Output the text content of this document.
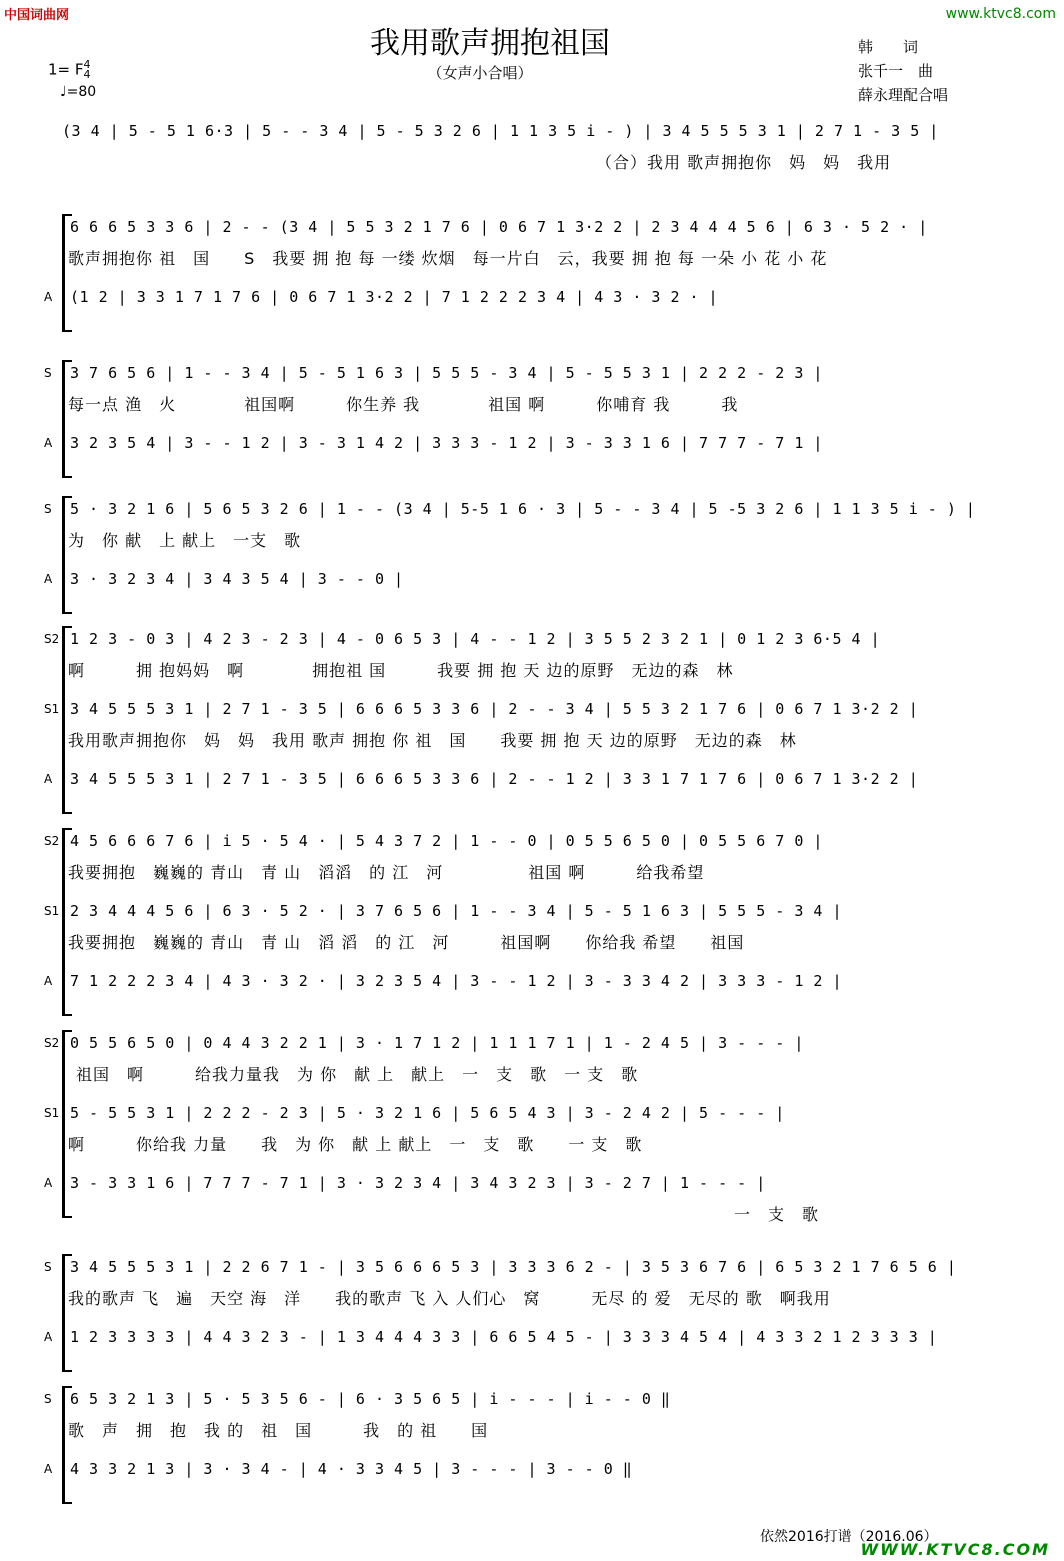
中国词曲网	www.ktvc8.com
我用歌声拥抱祖国
（女声小合唱）
1= F4
4
♩=80
韩　　词
张千一　曲
薛永理配合唱
(3 4 | 5 - 5 1 6·3 | 5 - - 3 4 | 5 - 5 3 2 6 | 1 1 3 5 i - ) | 3 4 5 5 5 3 1 | 2 7 1 - 3 5 |
（合）我用 歌声拥抱你　妈　妈　我用
6 6 6 5 3 3 6 | 2 - - (3 4 | 5 5 3 2 1 7 6 | 0 6 7 1 3·2 2 | 2 3 4 4 4 5 6 | 6 3 · 5 2 · |
歌声拥抱你 祖　国　　S　我要 拥 抱 每 一缕 炊烟　每一片白　云，我要 拥 抱 每 一朵 小 花 小 花
A (1 2 | 3 3 1 7 1 7 6 | 0 6 7 1 3·2 2 | 7 1 2 2 2 3 4 | 4 3 · 3 2 · |
S 3 7 6 5 6 | 1 - - 3 4 | 5 - 5 1 6 3 | 5 5 5 - 3 4 | 5 - 5 5 3 1 | 2 2 2 - 2 3 |
每一点 渔　火　　　　祖国啊　　　你生养 我　　　　祖国 啊　　　你哺育 我　　　我
A 3 2 3 5 4 | 3 - - 1 2 | 3 - 3 1 4 2 | 3 3 3 - 1 2 | 3 - 3 3 1 6 | 7 7 7 - 7 1 |
S 5 · 3 2 1 6 | 5 6 5 3 2 6 | 1 - - (3 4 | 5-5 1 6 · 3 | 5 - - 3 4 | 5 -5 3 2 6 | 1 1 3 5 i - ) |
为　你 献　上 献上　一支　歌
A 3 · 3 2 3 4 | 3 4 3 5 4 | 3 - - 0 |
S2 1 2 3 - 0 3 | 4 2 3 - 2 3 | 4 - 0 6 5 3 | 4 - - 1 2 | 3 5 5 2 3 2 1 | 0 1 2 3 6·5 4 |
啊　　　拥 抱妈妈　啊　　　　拥抱祖 国　　　我要 拥 抱 天 边的原野　无边的森　林
S1 3 4 5 5 5 3 1 | 2 7 1 - 3 5 | 6 6 6 5 3 3 6 | 2 - - 3 4 | 5 5 3 2 1 7 6 | 0 6 7 1 3·2 2 |
我用歌声拥抱你　妈　妈　我用 歌声 拥抱 你 祖　国　　我要 拥 抱 天 边的原野　无边的森　林
A 3 4 5 5 5 3 1 | 2 7 1 - 3 5 | 6 6 6 5 3 3 6 | 2 - - 1 2 | 3 3 1 7 1 7 6 | 0 6 7 1 3·2 2 |
S2 4 5 6 6 6 7 6 | i 5 · 5 4 · | 5 4 3 7 2 | 1 - - 0 | 0 5 5 6 5 0 | 0 5 5 6 7 0 |
我要拥抱　巍巍的 青山　青 山　滔滔　的 江　河　　　　　祖国 啊　　　给我希望
S1 2 3 4 4 4 5 6 | 6 3 · 5 2 · | 3 7 6 5 6 | 1 - - 3 4 | 5 - 5 1 6 3 | 5 5 5 - 3 4 |
我要拥抱　巍巍的 青山　青 山　滔 滔　的 江　河　　　祖国啊　　你给我 希望　　祖国
A 7 1 2 2 2 3 4 | 4 3 · 3 2 · | 3 2 3 5 4 | 3 - - 1 2 | 3 - 3 3 4 2 | 3 3 3 - 1 2 |
S2 0 5 5 6 5 0 | 0 4 4 3 2 2 1 | 3 · 1 7 1 2 | 1 1 1 7 1 | 1 - 2 4 5 | 3 - - - |
祖国　啊　　　给我力量我　为 你　献 上　献上　一　支　歌　一 支　歌
S1 5 - 5 5 3 1 | 2 2 2 - 2 3 | 5 · 3 2 1 6 | 5 6 5 4 3 | 3 - 2 4 2 | 5 - - - |
啊　　　你给我 力量　　我　为 你　献 上 献上　一　支　歌　　一 支　歌
A 3 - 3 3 1 6 | 7 7 7 - 7 1 | 3 · 3 2 3 4 | 3 4 3 2 3 | 3 - 2 7 | 1 - - - |
一　支　歌
S 3 4 5 5 5 3 1 | 2 2 6 7 1 - | 3 5 6 6 6 5 3 | 3 3 3 6 2 - | 3 5 3 6 7 6 | 6 5 3 2 1 7 6 5 6 |
我的歌声 飞　遍　天空 海　洋　　我的歌声 飞 入 人们心　窝　　　无尽 的 爱　无尽的 歌　啊我用
A 1 2 3 3 3 3 | 4 4 3 2 3 - | 1 3 4 4 4 3 3 | 6 6 5 4 5 - | 3 3 3 4 5 4 | 4 3 3 2 1 2 3 3 3 |
S 6 5 3 2 1 3 | 5 · 5 3 5 6 - | 6 · 3 5 6 5 | i - - - | i - - 0 ‖
歌　声　拥　抱　我 的　祖　国　　　我　的 祖　　国
A 4 3 3 2 1 3 | 3 · 3 4 - | 4 · 3 3 4 5 | 3 - - - | 3 - - 0 ‖
依然2016打谱（2016.06）
WWW.KTVC8.COM
